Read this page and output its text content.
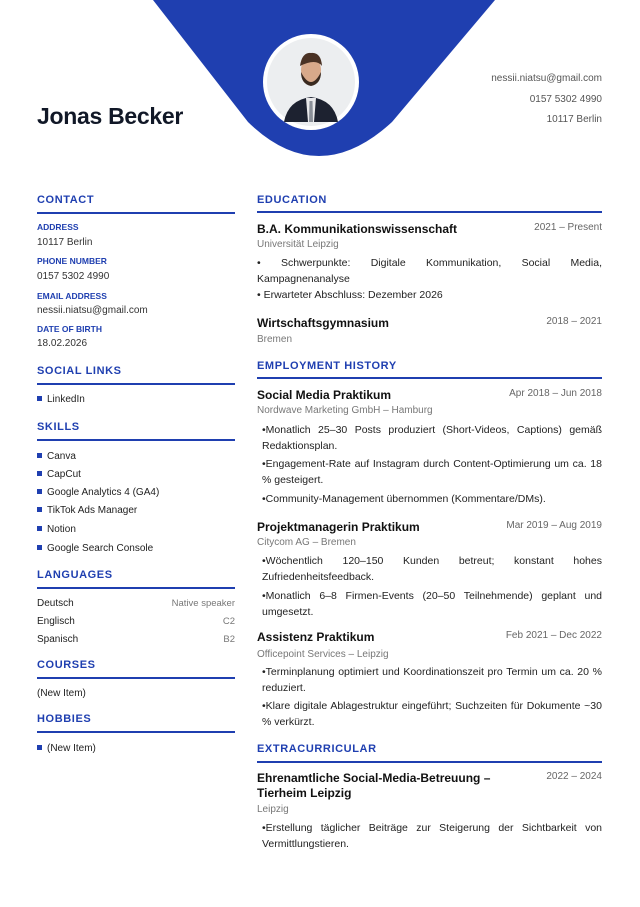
Jonas Becker
nessii.niatsu@gmail.com
0157 5302 4990
10117 Berlin
CONTACT
ADDRESS
10117 Berlin
PHONE NUMBER
0157 5302 4990
EMAIL ADDRESS
nessii.niatsu@gmail.com
DATE OF BIRTH
18.02.2026
SOCIAL LINKS
LinkedIn
SKILLS
Canva
CapCut
Google Analytics 4 (GA4)
TikTok Ads Manager
Notion
Google Search Console
LANGUAGES
Deutsch	Native speaker
Englisch	C2
Spanisch	B2
COURSES
(New Item)
HOBBIES
(New Item)
EDUCATION
B.A. Kommunikationswissenschaft	2021 – Present
Universität Leipzig
• Schwerpunkte: Digitale Kommunikation, Social Media, Kampagnenanalyse
• Erwarteter Abschluss: Dezember 2026
Wirtschaftsgymnasium	2018 – 2021
Bremen
EMPLOYMENT HISTORY
Social Media Praktikum	Apr 2018 – Jun 2018
Nordwave Marketing GmbH – Hamburg
•Monatlich 25–30 Posts produziert (Short-Videos, Captions) gemäß Redaktionsplan.
•Engagement-Rate auf Instagram durch Content-Optimierung um ca. 18 % gesteigert.
•Community-Management übernommen (Kommentare/DMs).
Projektmanagerin Praktikum	Mar 2019 – Aug 2019
Citycom AG – Bremen
•Wöchentlich 120–150 Kunden betreut; konstant hohes Zufriedenheitsfeedback.
•Monatlich 6–8 Firmen-Events (20–50 Teilnehmende) geplant und umgesetzt.
Assistenz Praktikum	Feb 2021 – Dec 2022
Officepoint Services – Leipzig
•Terminplanung optimiert und Koordinationszeit pro Termin um ca. 20 % reduziert.
•Klare digitale Ablagestruktur eingeführt; Suchzeiten für Dokumente ~30 % verkürzt.
EXTRACURRICULAR
Ehrenamtliche Social-Media-Betreuung – Tierheim Leipzig
2022 – 2024
Leipzig
•Erstellung täglicher Beiträge zur Steigerung der Sichtbarkeit von Vermittlungstieren.
